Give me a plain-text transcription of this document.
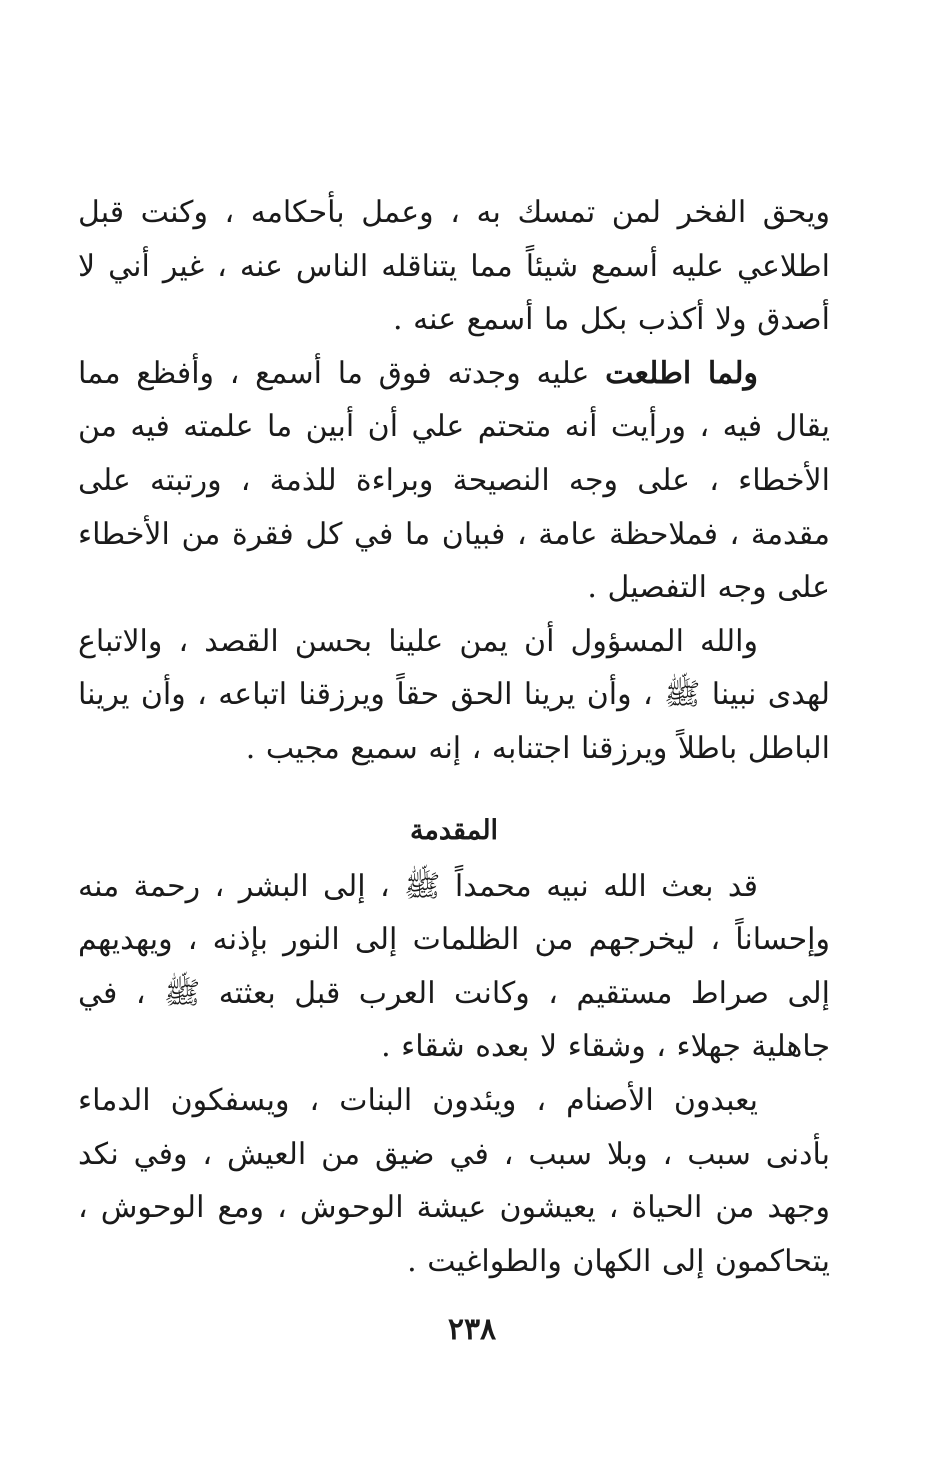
ويحق الفخر لمن تمسك به ، وعمل بأحكامه ، وكنت قبل اطلاعي عليه أسمع شيئاً مما يتناقله الناس عنه ، غير أني لا أصدق ولا أكذب بكل ما أسمع عنه .

ولما اطلعت عليه وجدته فوق ما أسمع ، وأفظع مما يقال فيه ، ورأيت أنه متحتم علي أن أبين ما علمته فيه من الأخطاء ، على وجه النصيحة وبراءة للذمة ، ورتبته على مقدمة ، فملاحظة عامة ، فبيان ما في كل فقرة من الأخطاء على وجه التفصيل .

والله المسؤول أن يمن علينا بحسن القصد ، والاتباع لهدى نبينا ﷺ ، وأن يرينا الحق حقاً ويرزقنا اتباعه ، وأن يرينا الباطل باطلاً ويرزقنا اجتنابه ، إنه سميع مجيب .

المقدمة

قد بعث الله نبيه محمداً ﷺ ، إلى البشر ، رحمة منه وإحساناً ، ليخرجهم من الظلمات إلى النور بإذنه ، ويهديهم إلى صراط مستقيم ، وكانت العرب قبل بعثته ﷺ ، في جاهلية جهلاء ، وشقاء لا بعده شقاء .

يعبدون الأصنام ، ويئدون البنات ، ويسفكون الدماء بأدنى سبب ، وبلا سبب ، في ضيق من العيش ، وفي نكد وجهد من الحياة ، يعيشون عيشة الوحوش ، ومع الوحوش ، يتحاكمون إلى الكهان والطواغيت .

٢٣٨
